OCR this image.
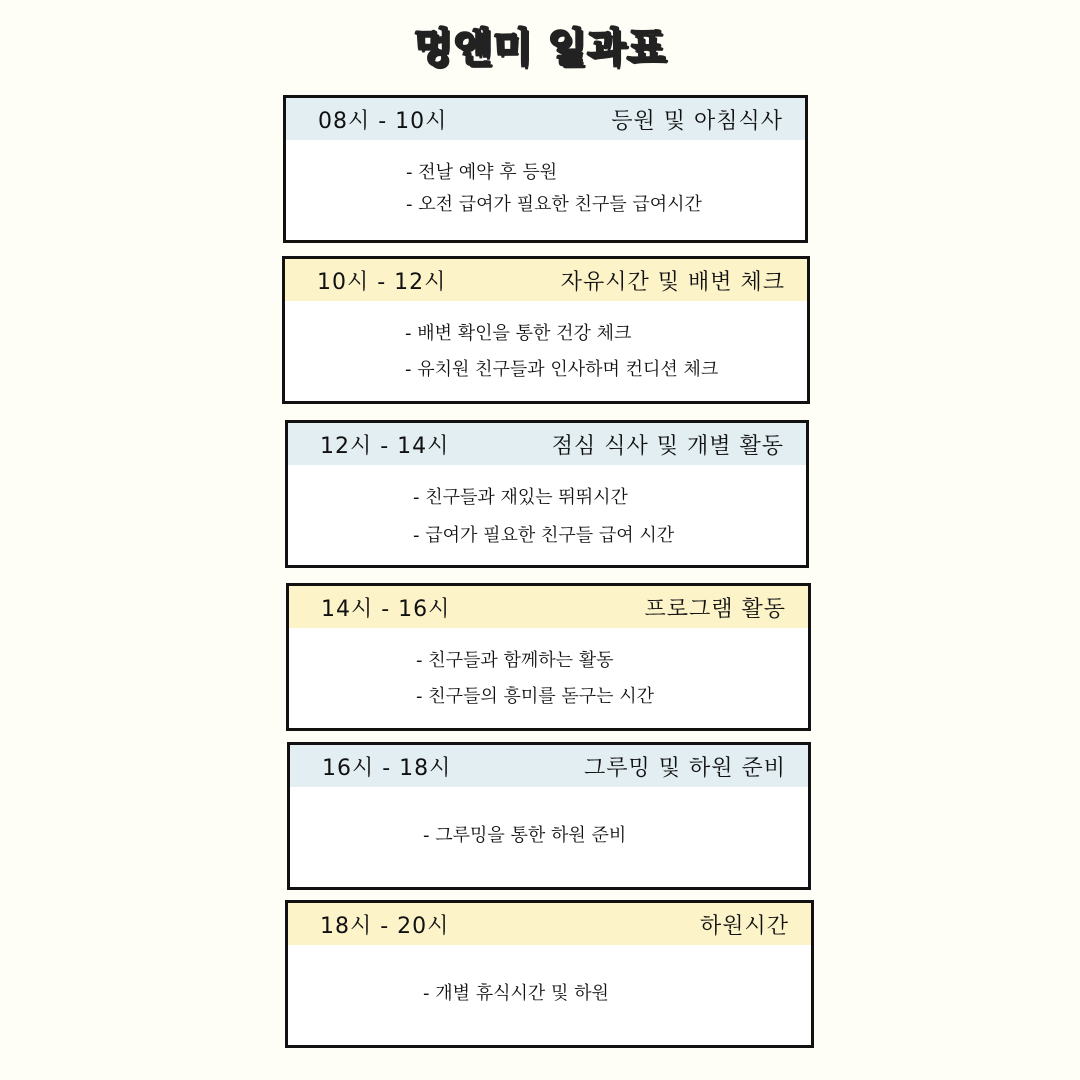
멍앤미 일과표
08시 - 10시	등원 및 아침식사
- 전날 예약 후 등원
- 오전 급여가 필요한 친구들 급여시간
10시 - 12시	자유시간 및 배변 체크
- 배변 확인을 통한 건강 체크
- 유치원 친구들과 인사하며 컨디션 체크
12시 - 14시	점심 식사 및 개별 활동
- 친구들과 재있는 뛰뛰시간
- 급여가 필요한 친구들 급여 시간
14시 - 16시	프로그램 활동
- 친구들과 함께하는 활동
- 친구들의 흥미를 돋구는 시간
16시 - 18시	그루밍 및 하원 준비
- 그루밍을 통한 하원 준비
18시 - 20시	하원시간
- 개별 휴식시간 및 하원
